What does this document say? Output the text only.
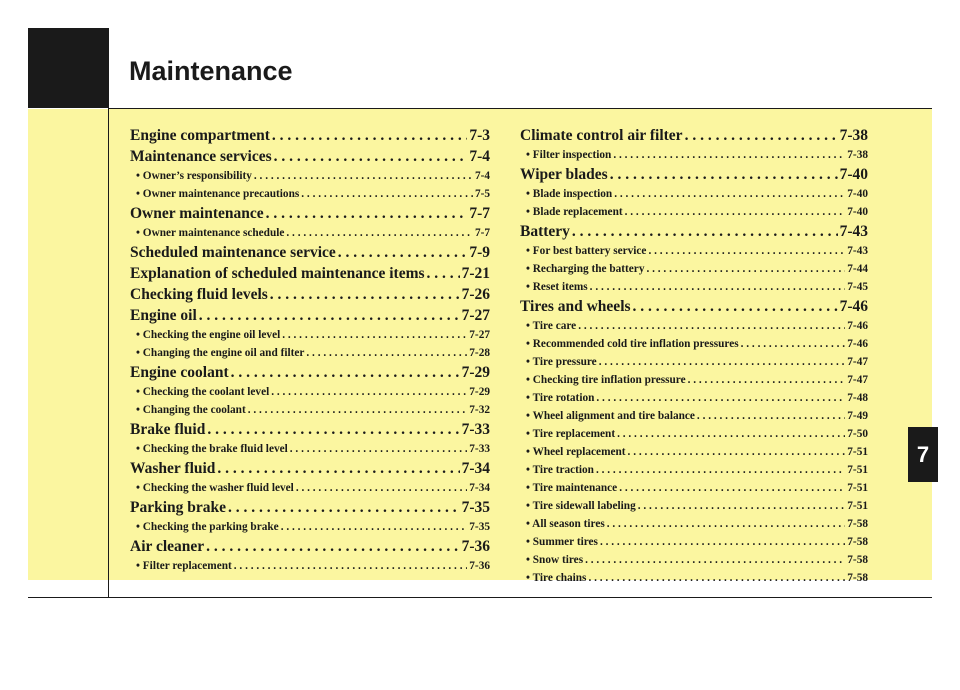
Maintenance
7
Engine compartment . . .	7-3
Maintenance services . . .	7-4
• Owner’s responsibility . . .	7-4
• Owner maintenance precautions . . .	7-5
Owner maintenance . . .	7-7
• Owner maintenance schedule . . .	7-7
Scheduled maintenance service . . .	7-9
Explanation of scheduled maintenance items . . . 7-21
Checking fluid levels . . .	7-26
Engine oil . . .	7-27
• Checking the engine oil level . . .	7-27
• Changing the engine oil and filter . . .	7-28
Engine coolant . . .	7-29
• Checking the coolant level . . .	7-29
• Changing the coolant . . .	7-32
Brake fluid . . .	7-33
• Checking the brake fluid level . . .	7-33
Washer fluid . . .	7-34
• Checking the washer fluid level . . .	7-34
Parking brake . . .	7-35
• Checking the parking brake . . .	7-35
Air cleaner . . .	7-36
• Filter replacement . . .	7-36
Climate control air filter . . .	7-38
• Filter inspection . . .	7-38
Wiper blades . . .	7-40
• Blade inspection . . .	7-40
• Blade replacement . . .	7-40
Battery . . .	7-43
• For best battery service . . .	7-43
• Recharging the battery . . .	7-44
• Reset items . . .	7-45
Tires and wheels . . .	7-46
• Tire care . . .	7-46
• Recommended cold tire inflation pressures . . .	7-46
• Tire pressure . . .	7-47
• Checking tire inflation pressure . . .	7-47
• Tire rotation . . .	7-48
• Wheel alignment and tire balance . . .	7-49
• Tire replacement . . .	7-50
• Wheel replacement . . .	7-51
• Tire traction . . .	7-51
• Tire maintenance . . .	7-51
• Tire sidewall labeling . . .	7-51
• All season tires . . .	7-58
• Summer tires . . .	7-58
• Snow tires . . .	7-58
• Tire chains . . .	7-58
